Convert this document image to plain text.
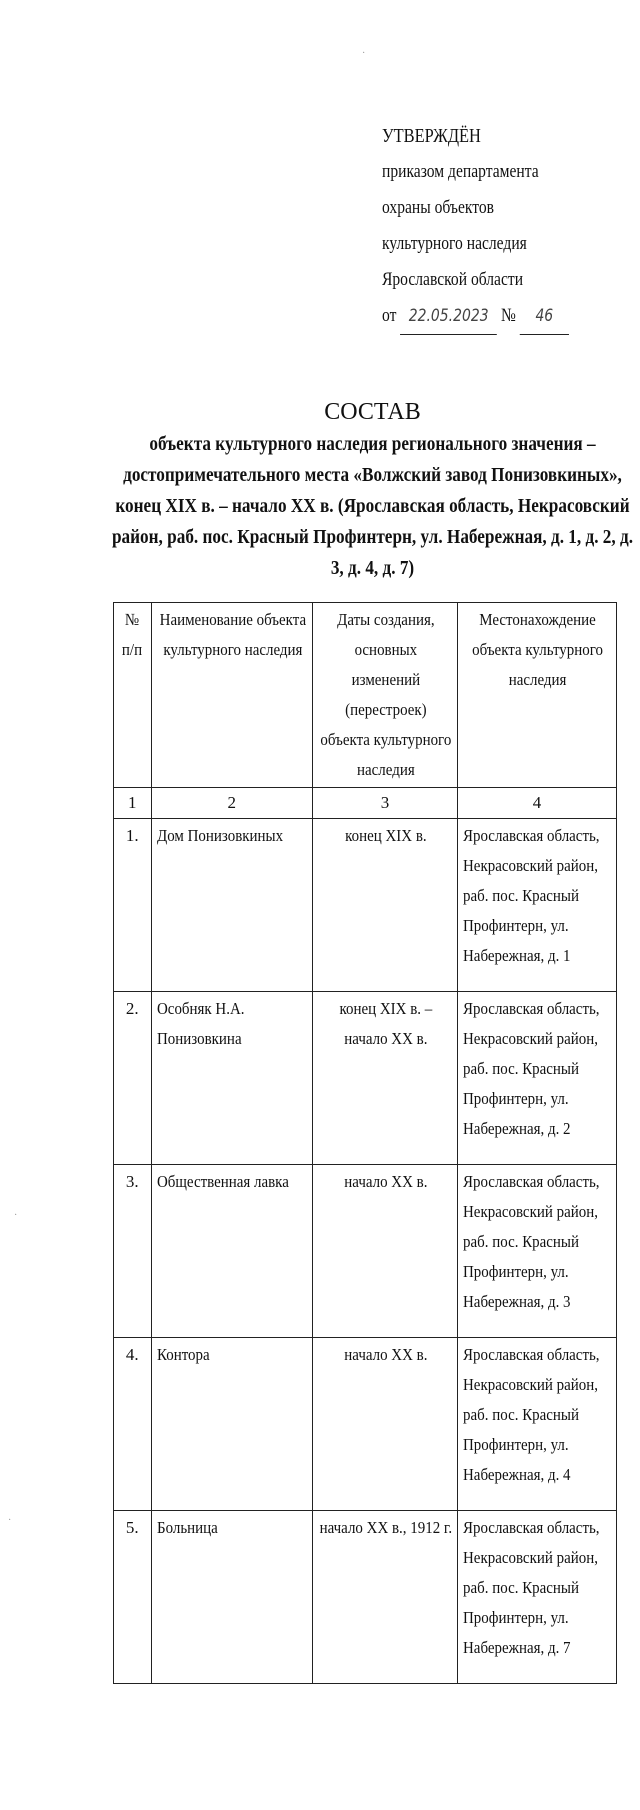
УТВЕРЖДЁН
приказом департамента
охраны объектов
культурного наследия
Ярославской области
от 22.05.2023 № 46
СОСТАВ
объекта культурного наследия регионального значения – достопримечательного места «Волжский завод Понизовкиных», конец XIX в. – начало XX в. (Ярославская область, Некрасовский район, раб. пос. Красный Профинтерн, ул. Набережная, д. 1, д. 2, д. 3, д. 4, д. 7)
№ п/п	Наименование объекта культурного наследия	Даты создания, основных изменений (перестроек) объекта культурного наследия	Местонахождение объекта культурного наследия

1	2	3	4
1.	Дом Понизовкиных	конец XIX в.	Ярославская область, Некрасовский район, раб. пос. Красный Профинтерн, ул. Набережная, д. 1

2.	Особняк Н.А. Понизовкина	конец XIX в. – начало XX в.	Ярославская область, Некрасовский район, раб. пос. Красный Профинтерн, ул. Набережная, д. 2

3.	Общественная лавка	начало XX в.	Ярославская область, Некрасовский район, раб. пос. Красный Профинтерн, ул. Набережная, д. 3

4.	Контора	начало XX в.	Ярославская область, Некрасовский район, раб. пос. Красный Профинтерн, ул. Набережная, д. 4

5.	Больница	начало XX в., 1912 г.	Ярославская область, Некрасовский район, раб. пос. Красный Профинтерн, ул. Набережная, д. 7
·
·
·
